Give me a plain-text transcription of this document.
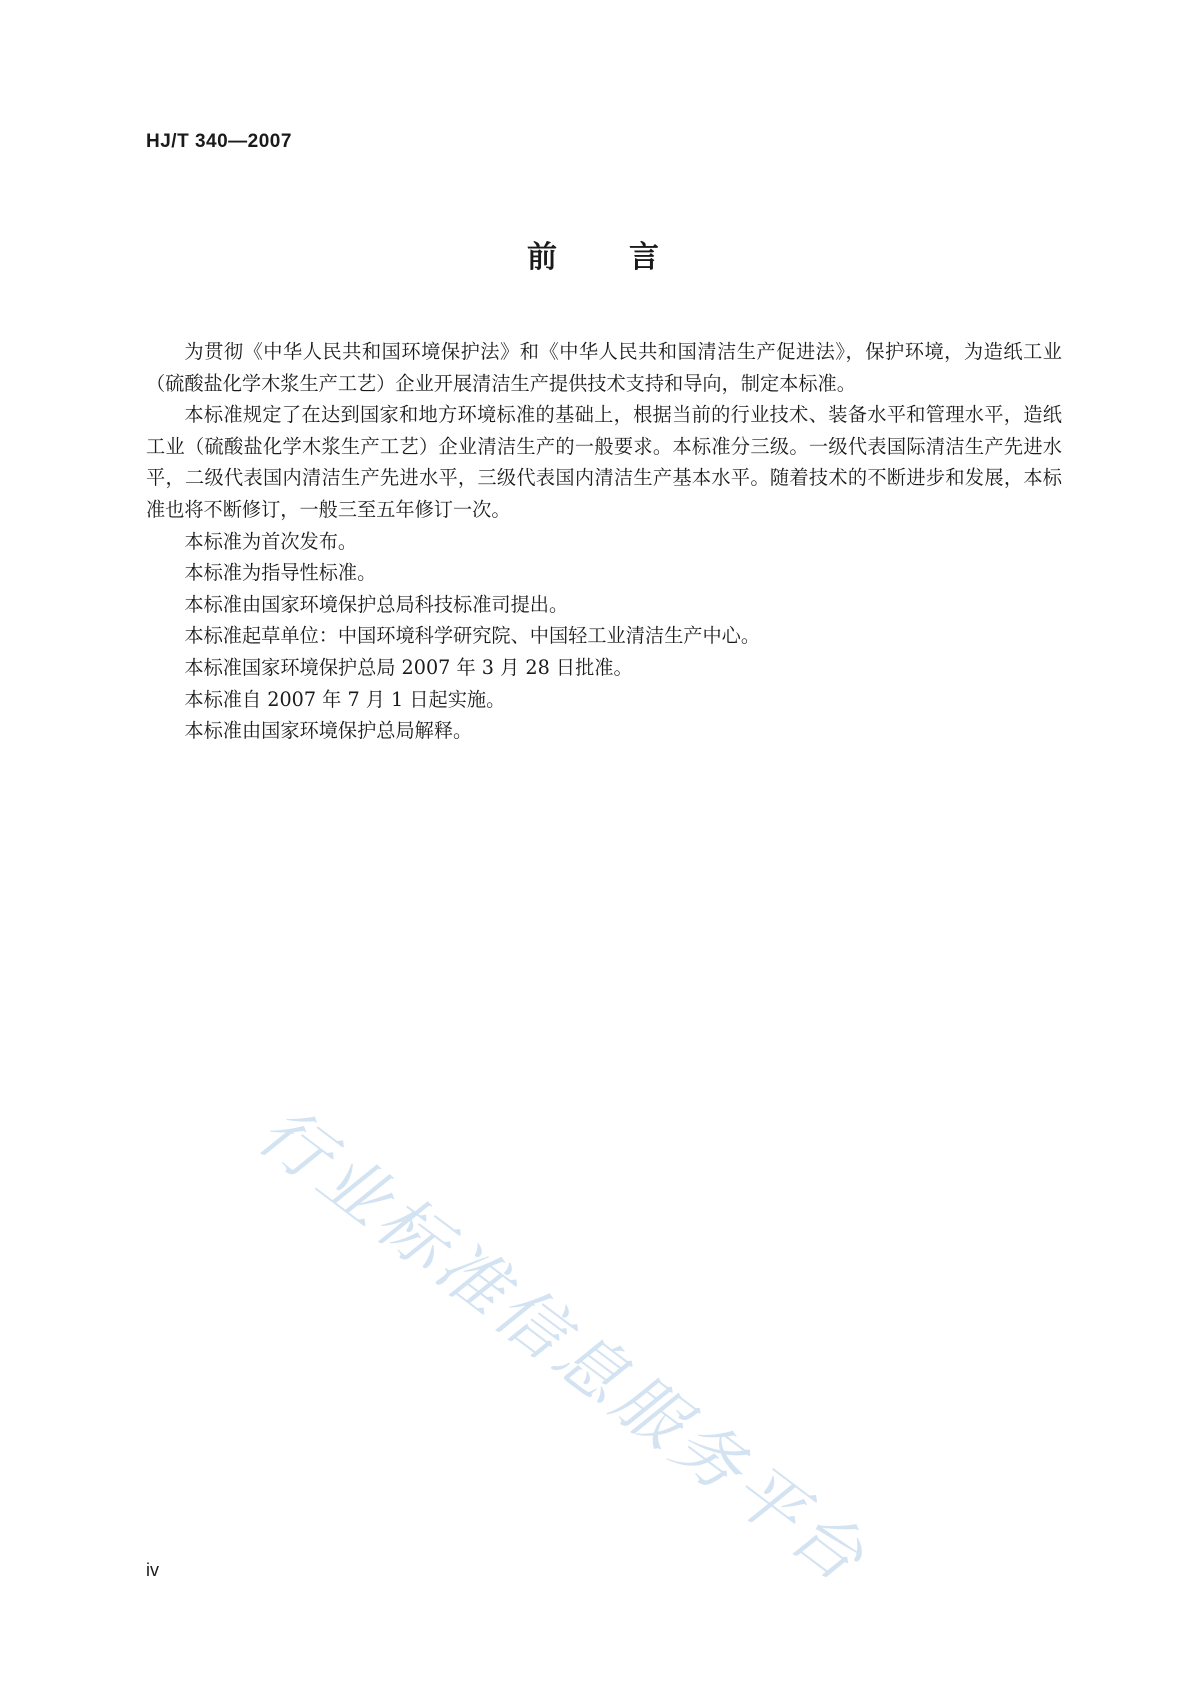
HJ/T 340—2007
前　　言

为贯彻《中华人民共和国环境保护法》和《中华人民共和国清洁生产促进法》，保护环境，为造纸工业（硫酸盐化学木浆生产工艺）企业开展清洁生产提供技术支持和导向，制定本标准。

本标准规定了在达到国家和地方环境标准的基础上，根据当前的行业技术、装备水平和管理水平，造纸工业（硫酸盐化学木浆生产工艺）企业清洁生产的一般要求。本标准分三级。一级代表国际清洁生产先进水平，二级代表国内清洁生产先进水平，三级代表国内清洁生产基本水平。随着技术的不断进步和发展，本标准也将不断修订，一般三至五年修订一次。

本标准为首次发布。

本标准为指导性标准。

本标准由国家环境保护总局科技标准司提出。

本标准起草单位：中国环境科学研究院、中国轻工业清洁生产中心。

本标准国家环境保护总局 2007 年 3 月 28 日批准。

本标准自 2007 年 7 月 1 日起实施。

本标准由国家环境保护总局解释。

行业标准信息服务平台
iv
